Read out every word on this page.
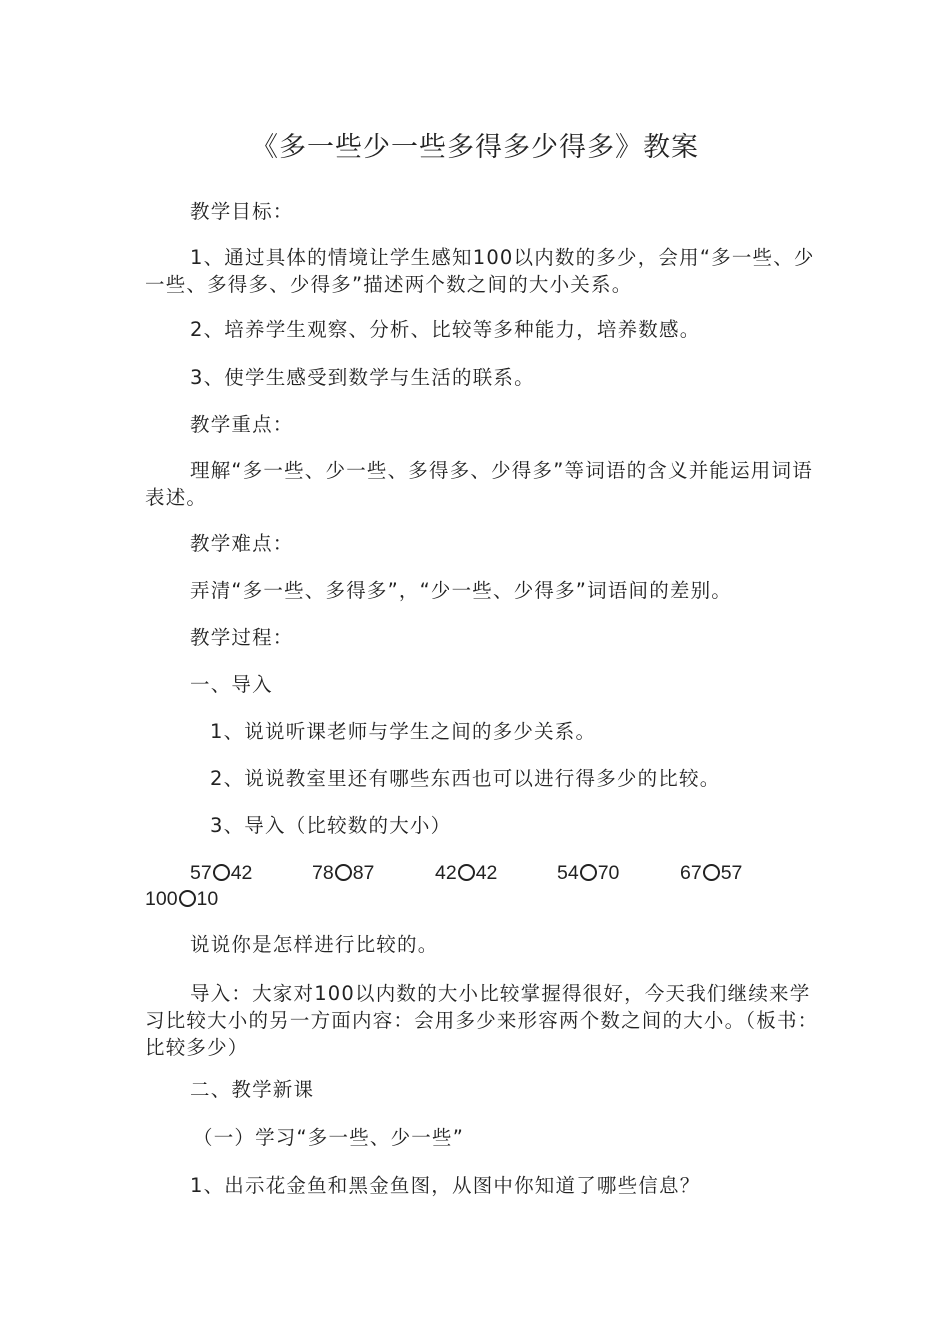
《多一些少一些多得多少得多》教案

教学目标：

1、通过具体的情境让学生感知100以内数的多少，会用“多一些、少一些、多得多、少得多”描述两个数之间的大小关系。

2、培养学生观察、分析、比较等多种能力，培养数感。

3、使学生感受到数学与生活的联系。

教学重点：

理解“多一些、少一些、多得多、少得多”等词语的含义并能运用词语表述。

教学难点：

弄清“多一些、多得多”，“少一些、少得多”词语间的差别。

教学过程：

一、导入

1、说说听课老师与学生之间的多少关系。

2、说说教室里还有哪些东西也可以进行得多少的比较。

3、导入（比较数的大小）

57 42	78 87	42 42	54 70	67 57
100 10

说说你是怎样进行比较的。

导入：大家对100以内数的大小比较掌握得很好，今天我们继续来学习比较大小的另一方面内容：会用多少来形容两个数之间的大小。（板书：比较多少）

二、教学新课

（一）学习“多一些、少一些”

1、出示花金鱼和黑金鱼图，从图中你知道了哪些信息？
